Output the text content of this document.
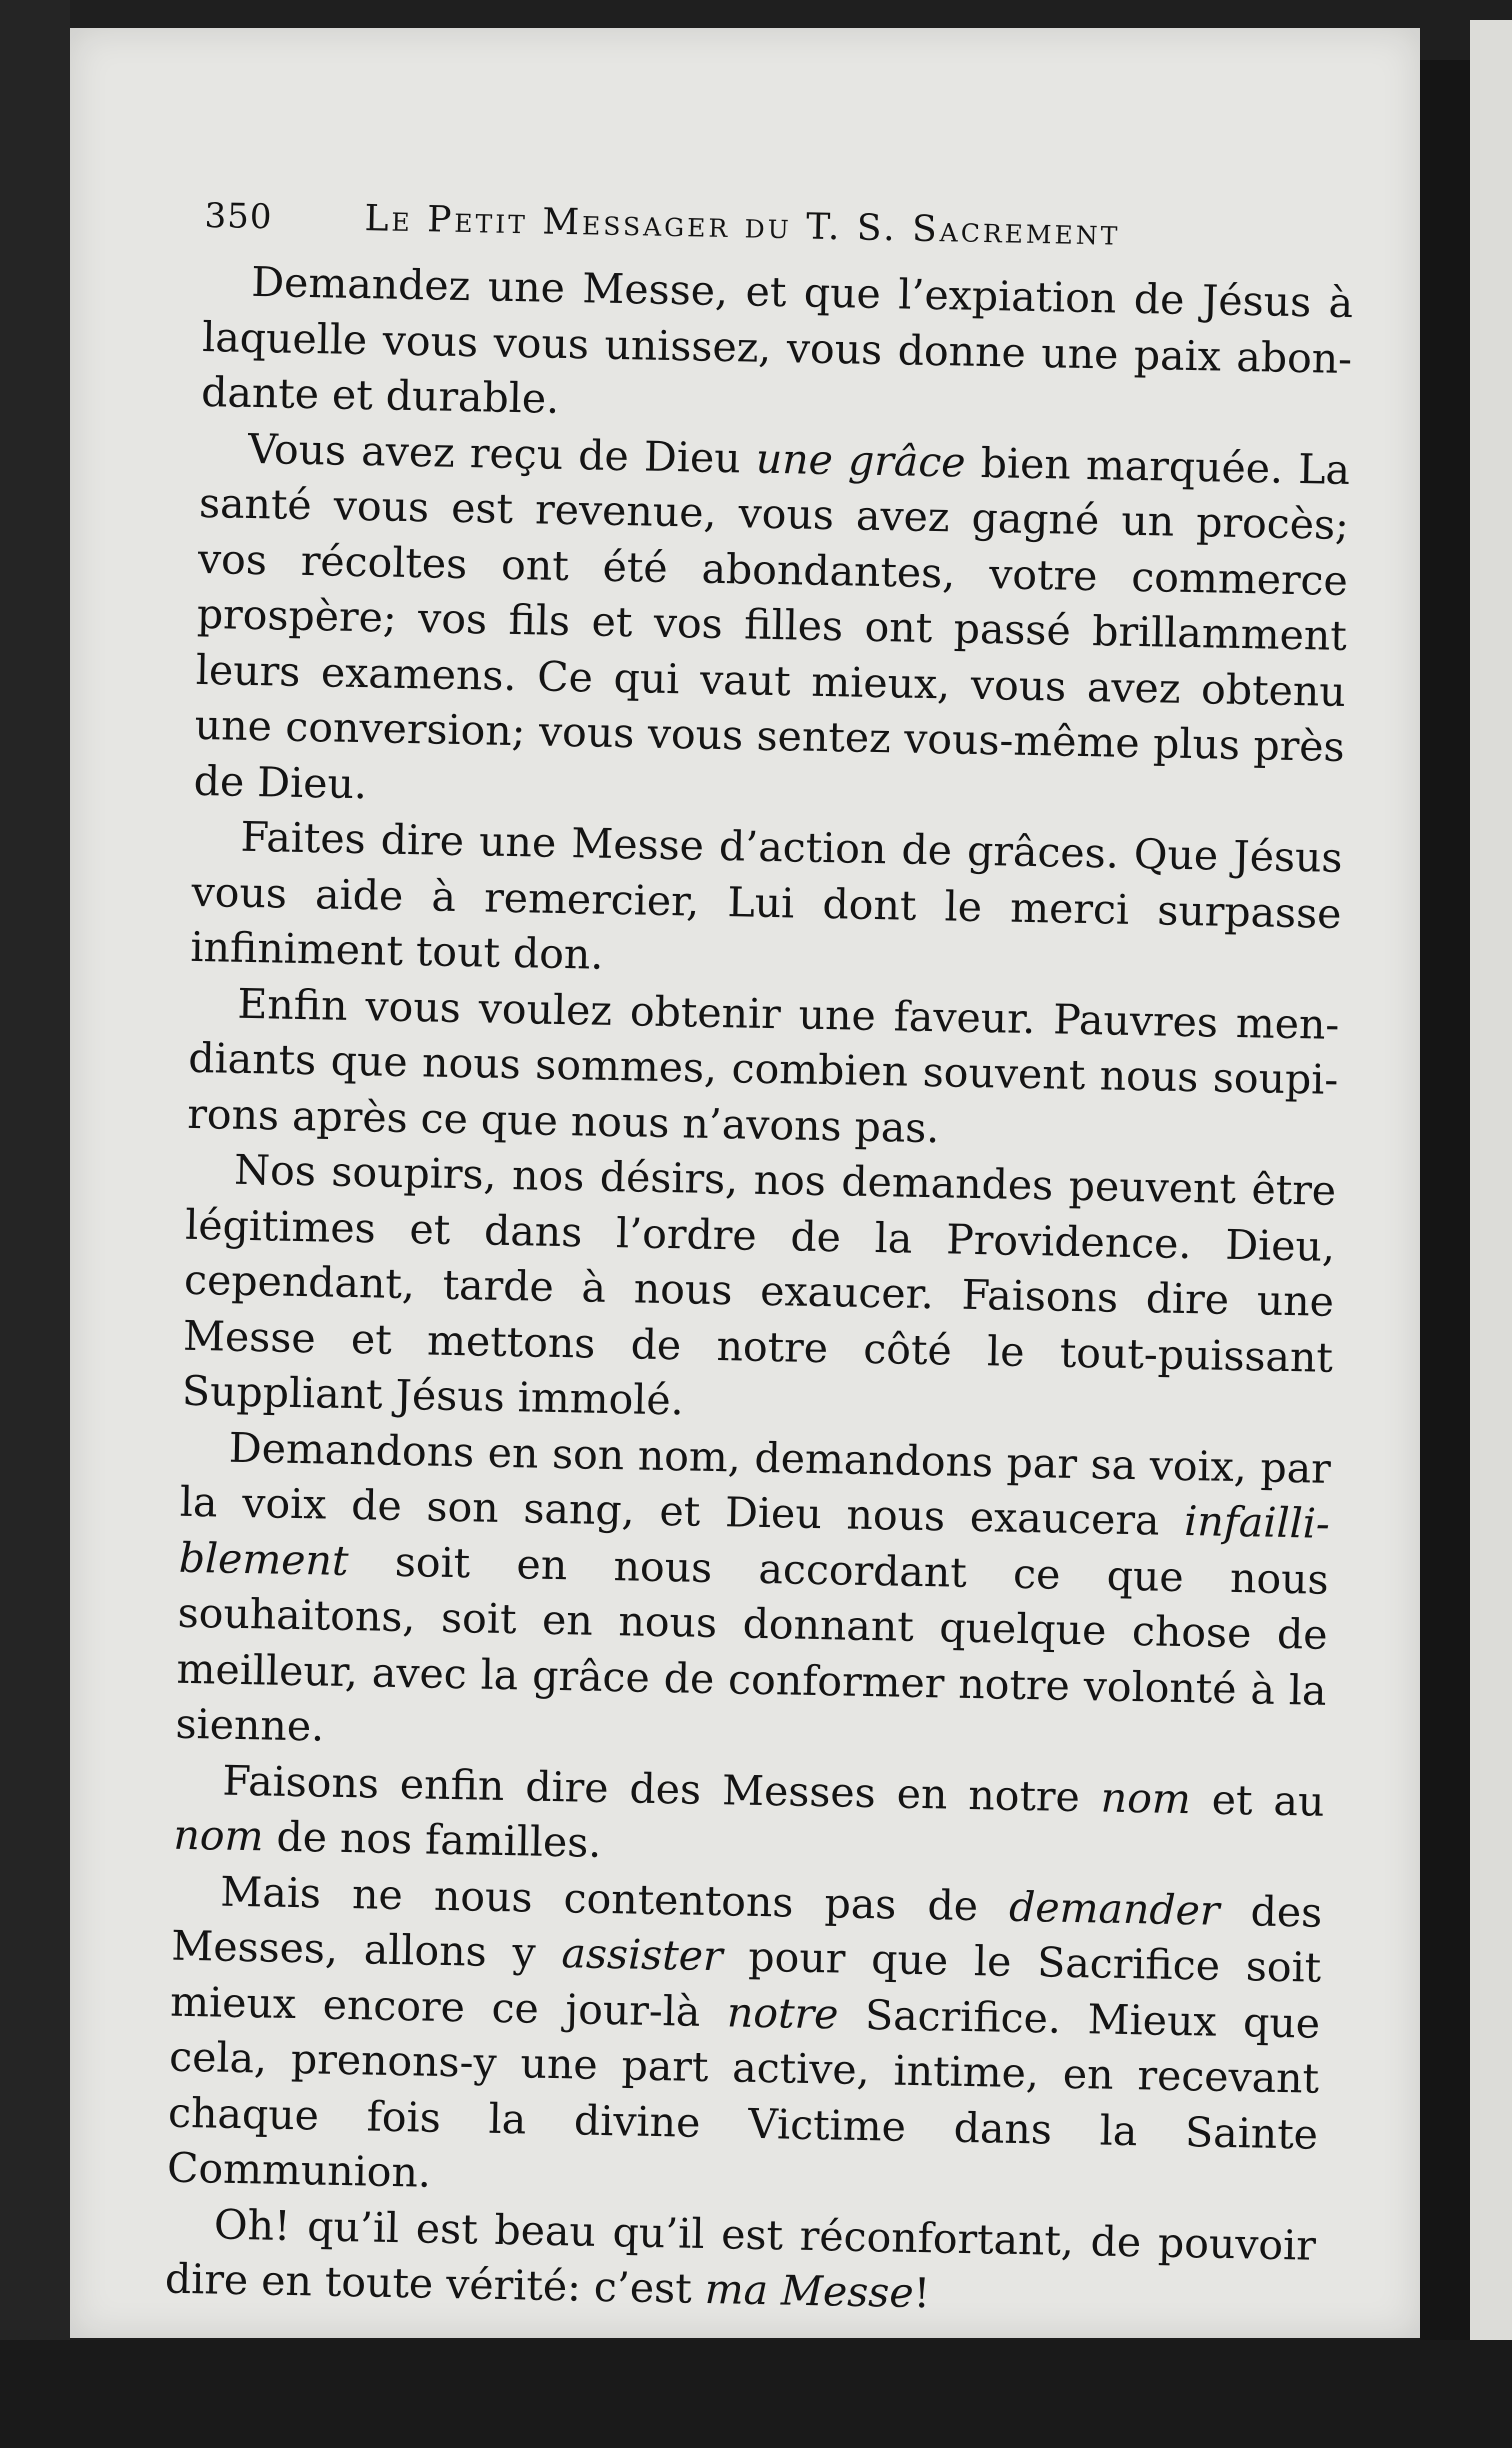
350	Le Petit Messager du T. S. Sacrement

Demandez une Messe, et que l’expiation de Jésus à laquelle vous vous unissez, vous donne une paix abondante et durable.

Vous avez reçu de Dieu une grâce bien marquée. La santé vous est revenue, vous avez gagné un procès; vos récoltes ont été abondantes, votre commerce prospère; vos fils et vos filles ont passé brillamment leurs examens. Ce qui vaut mieux, vous avez obtenu une conversion; vous vous sentez vous-même plus près de Dieu.

Faites dire une Messe d’action de grâces. Que Jésus vous aide à remercier, Lui dont le merci surpasse infiniment tout don.

Enfin vous voulez obtenir une faveur. Pauvres mendiants que nous sommes, combien souvent nous soupirons après ce que nous n’avons pas.

Nos soupirs, nos désirs, nos demandes peuvent être légitimes et dans l’ordre de la Providence. Dieu, cependant, tarde à nous exaucer. Faisons dire une Messe et mettons de notre côté le tout-puissant Suppliant Jésus immolé.

Demandons en son nom, demandons par sa voix, par la voix de son sang, et Dieu nous exaucera infailliblement soit en nous accordant ce que nous souhaitons, soit en nous donnant quelque chose de meilleur, avec la grâce de conformer notre volonté à la sienne.

Faisons enfin dire des Messes en notre nom et au nom de nos familles.

Mais ne nous contentons pas de demander des Messes, allons y assister pour que le Sacrifice soit mieux encore ce jour-là notre Sacrifice. Mieux que cela, prenons-y une part active, intime, en recevant chaque fois la divine Victime dans la Sainte Communion.

Oh! qu’il est beau qu’il est réconfortant, de pouvoir dire en toute vérité: c’est ma Messe!
